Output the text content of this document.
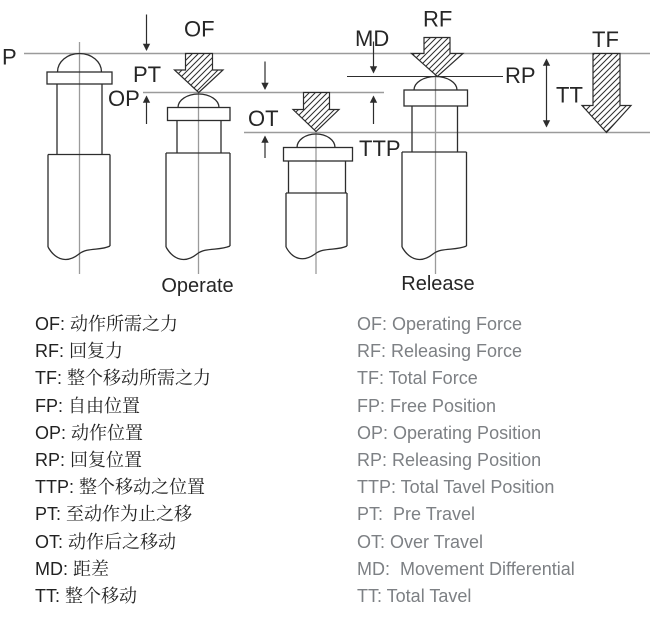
P
OF
PT
OP
OT
TTP
MD
RF
RP
TF
TT
Operate	Release
OF: 动作所需之力
RF: 回复力
TF: 整个移动所需之力
FP: 自由位置
OP: 动作位置
RP: 回复位置
TTP: 整个移动之位置
PT: 至动作为止之移
OT: 动作后之移动
MD: 距差
TT: 整个移动
OF: Operating Force
RF: Releasing Force
TF: Total Force
FP: Free Position
OP: Operating Position
RP: Releasing Position
TTP: Total Tavel Position
PT:  Pre Travel
OT: Over Travel
MD:  Movement Differential
TT: Total Tavel
